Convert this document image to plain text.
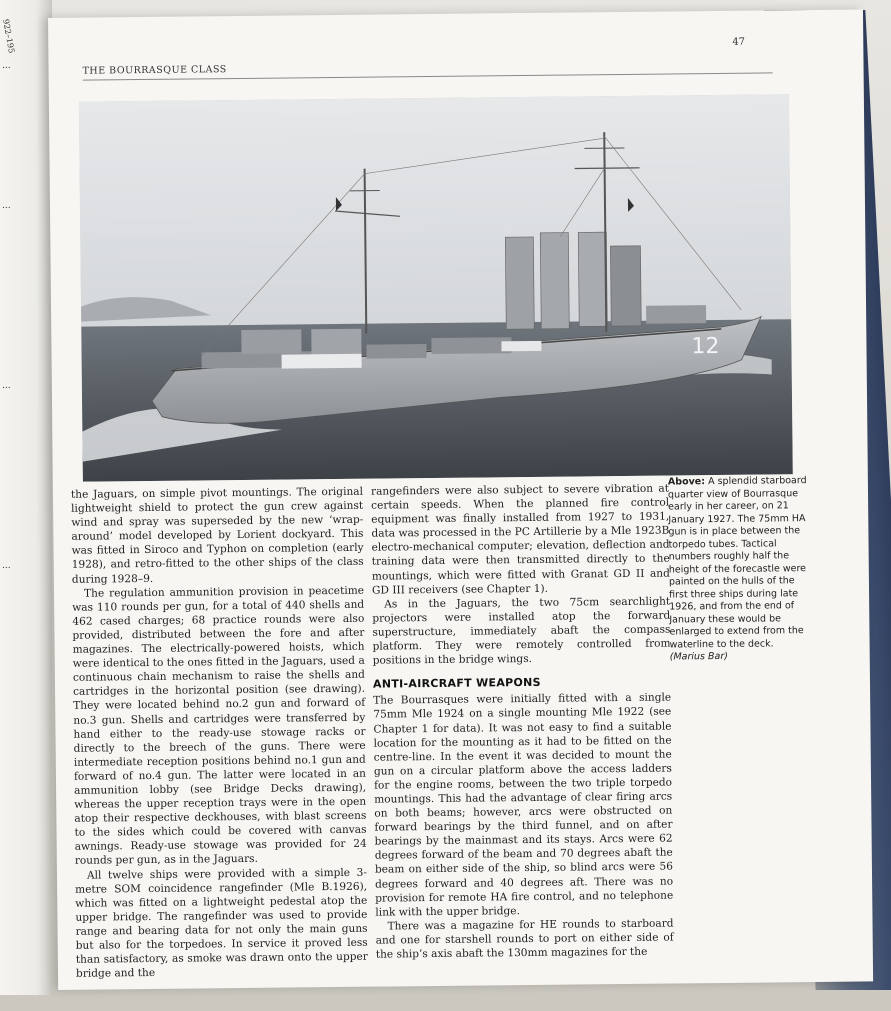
922–195
...
...
...
...
47
THE BOURRASQUE CLASS
12
Above: A splendid starboard quarter view of Bourrasque early in her career, on 21 January 1927. The 75mm HA gun is in place between the torpedo tubes. Tactical numbers roughly half the height of the forecastle were painted on the hulls of the first three ships during late 1926, and from the end of January these would be enlarged to extend from the waterline to the deck. (Marius Bar)

the Jaguars, on simple pivot mountings. The original lightweight shield to protect the gun crew against wind and spray was superseded by the new ‘wrap-around’ model developed by Lorient dockyard. This was fitted in Siroco and Typhon on completion (early 1928), and retro-fitted to the other ships of the class during 1928–9.

The regulation ammunition provision in peacetime was 110 rounds per gun, for a total of 440 shells and 462 cased charges; 68 practice rounds were also provided, distributed between the fore and after magazines. The electrically-powered hoists, which were identical to the ones fitted in the Jaguars, used a continuous chain mechanism to raise the shells and cartridges in the horizontal position (see drawing). They were located behind no.2 gun and forward of no.3 gun. Shells and cartridges were transferred by hand either to the ready-use stowage racks or directly to the breech of the guns. There were intermediate reception positions behind no.1 gun and forward of no.4 gun. The latter were located in an ammunition lobby (see Bridge Decks drawing), whereas the upper reception trays were in the open atop their respective deckhouses, with blast screens to the sides which could be covered with canvas awnings. Ready-use stowage was provided for 24 rounds per gun, as in the Jaguars.

All twelve ships were provided with a simple 3-metre SOM coincidence rangefinder (Mle B.1926), which was fitted on a lightweight pedestal atop the upper bridge. The rangefinder was used to provide range and bearing data for not only the main guns but also for the torpedoes. In service it proved less than satisfactory, as smoke was drawn onto the upper bridge and the

rangefinders were also subject to severe vibration at certain speeds. When the planned fire control equipment was finally installed from 1927 to 1931, data was processed in the PC Artillerie by a Mle 1923B electro-mechanical computer; elevation, deflection and training data were then transmitted directly to the mountings, which were fitted with Granat GD II and GD III receivers (see Chapter 1).

As in the Jaguars, the two 75cm searchlight projectors were installed atop the forward superstructure, immediately abaft the compass platform. They were remotely controlled from positions in the bridge wings.

ANTI-AIRCRAFT WEAPONS

The Bourrasques were initially fitted with a single 75mm Mle 1924 on a single mounting Mle 1922 (see Chapter 1 for data). It was not easy to find a suitable location for the mounting as it had to be fitted on the centre-line. In the event it was decided to mount the gun on a circular platform above the access ladders for the engine rooms, between the two triple torpedo mountings. This had the advantage of clear firing arcs on both beams; however, arcs were obstructed on forward bearings by the third funnel, and on after bearings by the mainmast and its stays. Arcs were 62 degrees forward of the beam and 70 degrees abaft the beam on either side of the ship, so blind arcs were 56 degrees forward and 40 degrees aft. There was no provision for remote HA fire control, and no telephone link with the upper bridge.

There was a magazine for HE rounds to starboard and one for starshell rounds to port on either side of the ship’s axis abaft the 130mm magazines for the
